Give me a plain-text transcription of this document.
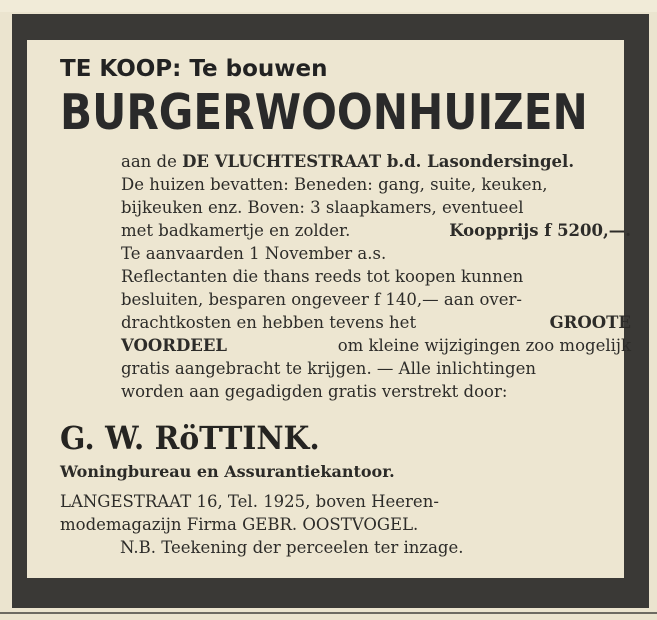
TE KOOP: Te bouwen
BURGERWOONHUIZEN
aan de
DE VLUCHTESTRAAT b.d. Lasondersingel.
De huizen bevatten: Beneden: gang, suite, keuken,
bijkeuken enz. Boven: 3 slaapkamers, eventueel
met badkamertje en zolder.	Koopprijs f 5200,—.
Te aanvaarden 1 November a.s.
Reflectanten die thans reeds tot koopen kunnen
besluiten, besparen ongeveer f 140,— aan over-
drachtkosten en hebben tevens het	GROOTE
VOORDEEL	om kleine wijzigingen zoo mogelijk
gratis aangebracht te krijgen. — Alle inlichtingen
worden aan gegadigden gratis verstrekt door:
G. W. RöTTINK.
Woningbureau en Assurantiekantoor.
LANGESTRAAT 16, Tel. 1925, boven Heeren-
modemagazijn Firma GEBR. OOSTVOGEL.
N.B. Teekening der perceelen ter inzage.
